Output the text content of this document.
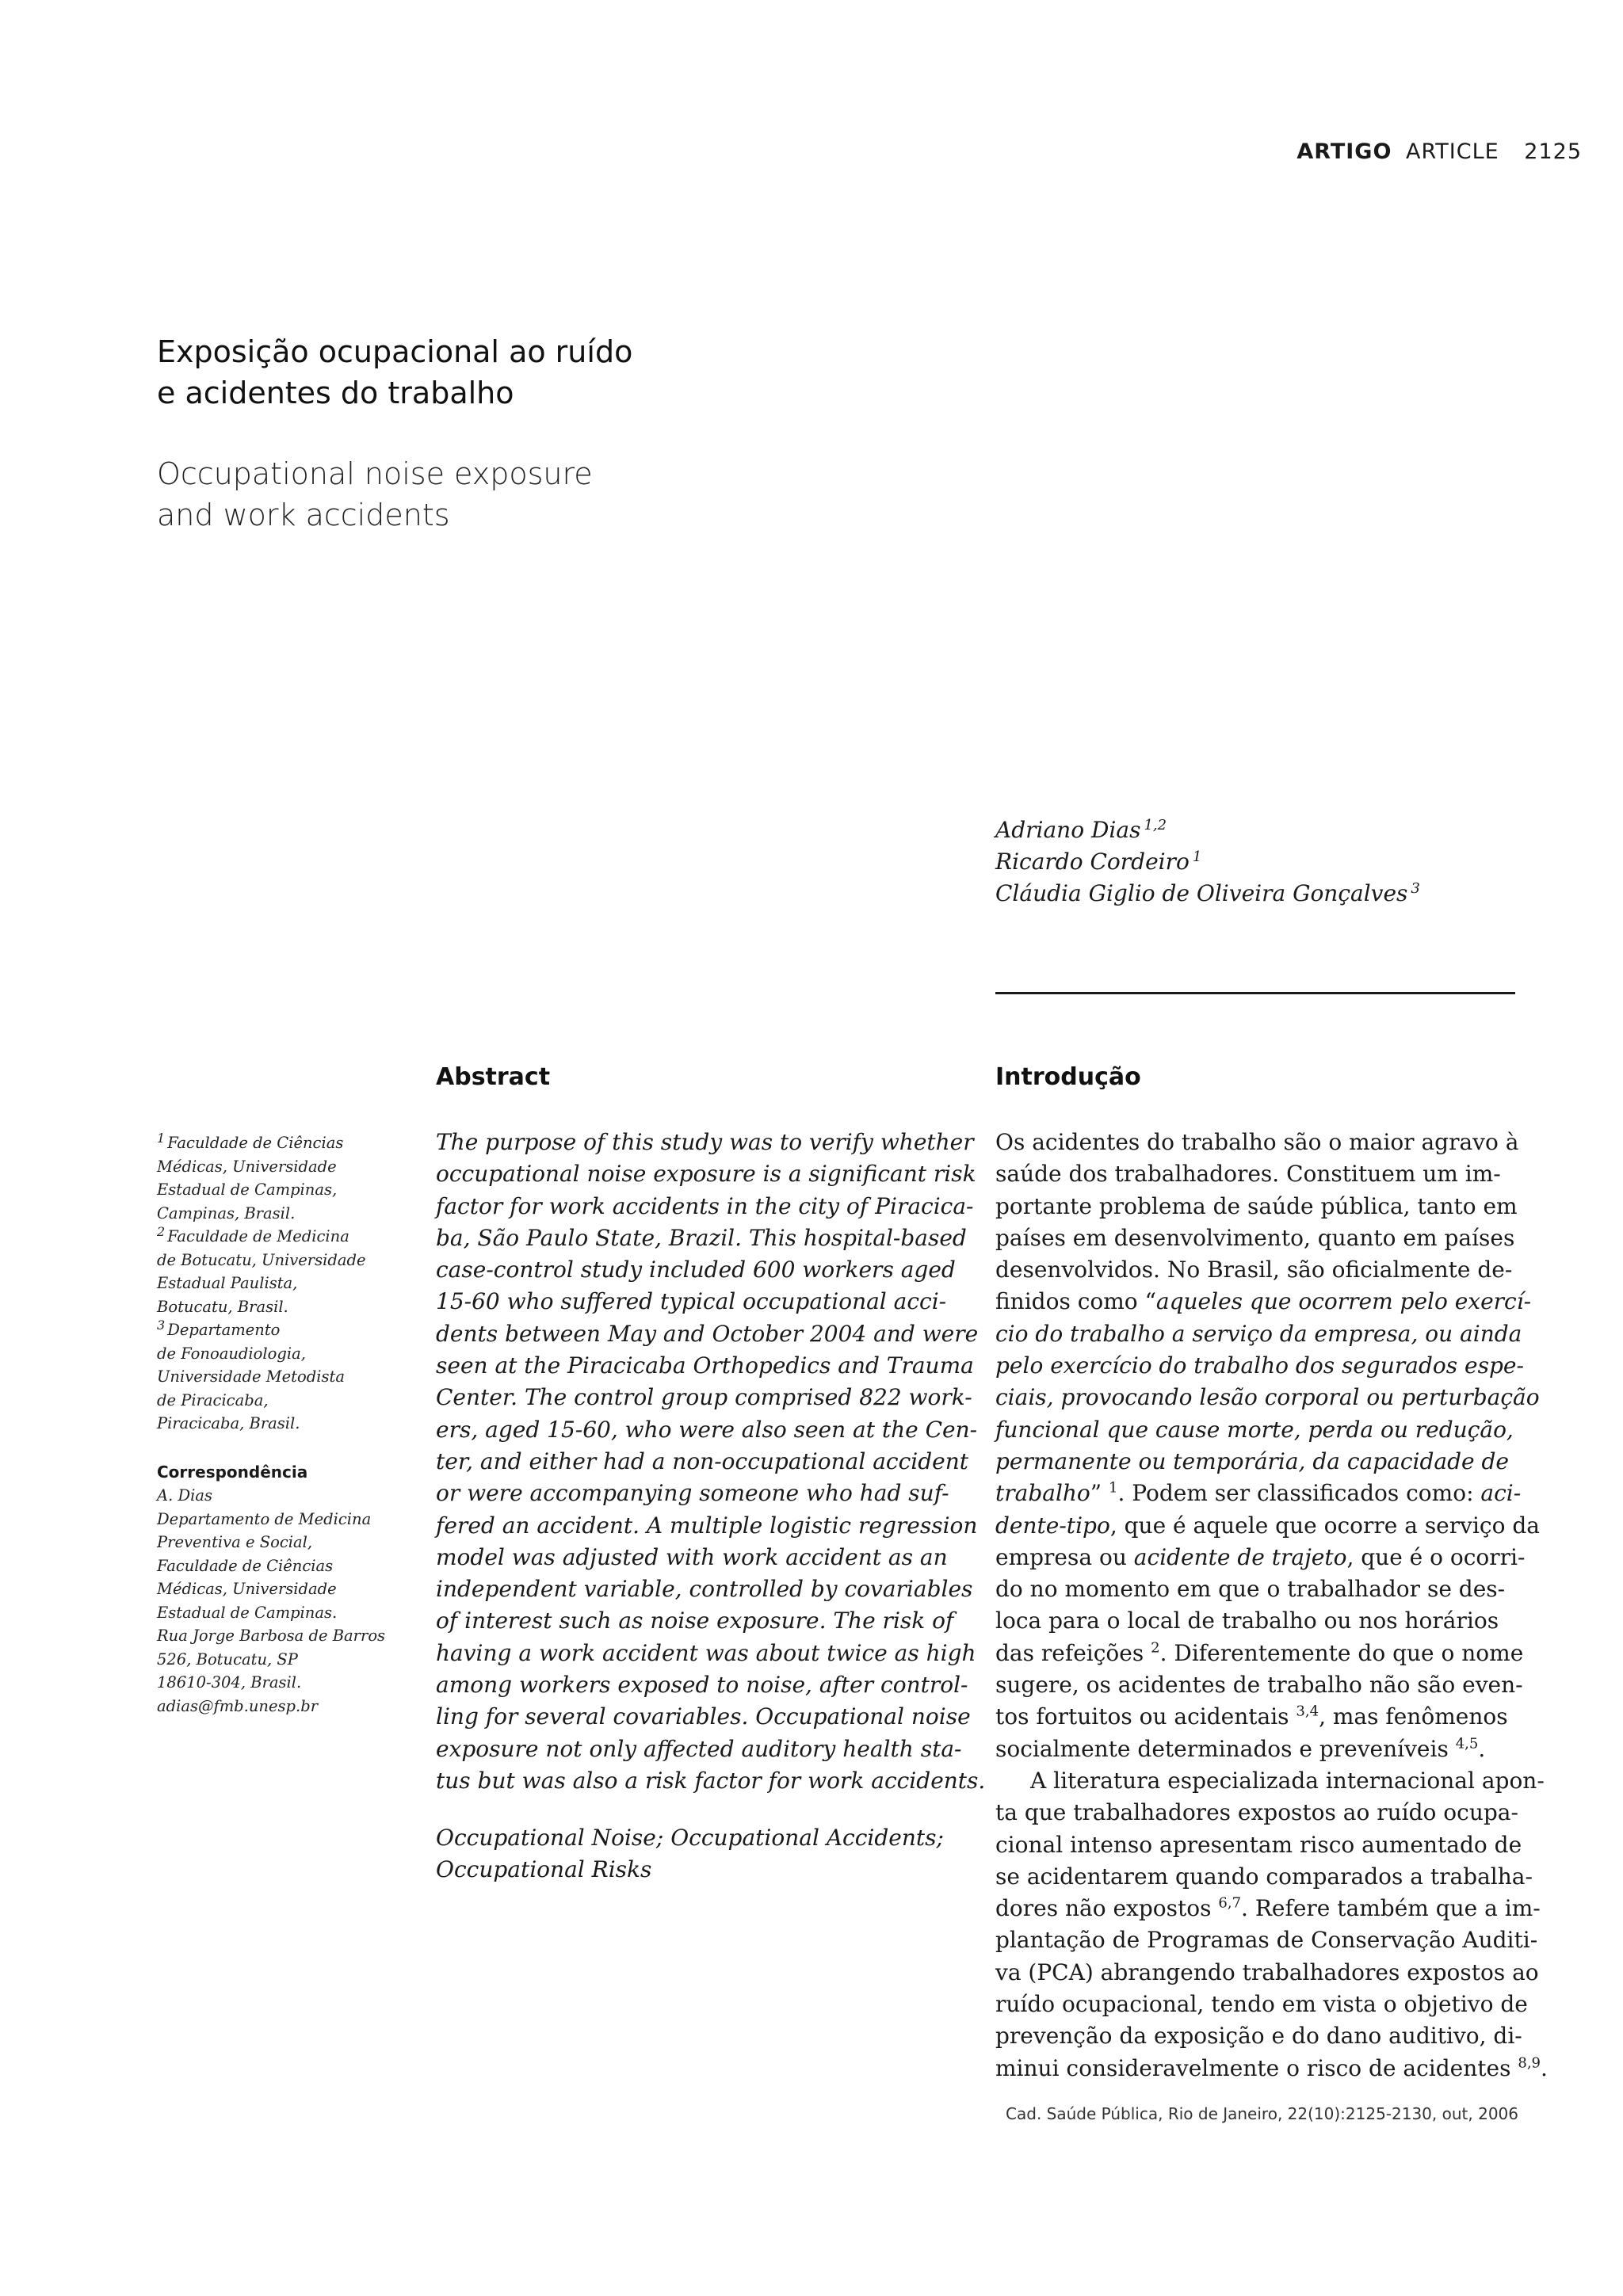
ARTIGO ARTICLE 2125
Exposição ocupacional ao ruído
e acidentes do trabalho
Occupational noise exposure
and work accidents
Adriano Dias $^{1,2}$
Ricardo Cordeiro $^1$
Cláudia Giglio de Oliveira Gonçalves $^3$
$^1$ Faculdade de Ciências
Médicas, Universidade
Estadual de Campinas,
Campinas, Brasil.
$^2$ Faculdade de Medicina
de Botucatu, Universidade
Estadual Paulista,
Botucatu, Brasil.
$^3$ Departamento
de Fonoaudiologia,
Universidade Metodista
de Piracicaba,
Piracicaba, Brasil.
Correspondência
A. Dias
Departamento de Medicina
Preventiva e Social,
Faculdade de Ciências
Médicas, Universidade
Estadual de Campinas.
Rua Jorge Barbosa de Barros
526, Botucatu, SP
18610-304, Brasil.
adias@fmb.unesp.br
Abstract
The purpose of this study was to verify whether
occupational noise exposure is a significant risk
factor for work accidents in the city of Piracica-
ba, São Paulo State, Brazil. This hospital-based
case-control study included 600 workers aged
15-60 who suffered typical occupational acci-
dents between May and October 2004 and were
seen at the Piracicaba Orthopedics and Trauma
Center. The control group comprised 822 work-
ers, aged 15-60, who were also seen at the Cen-
ter, and either had a non-occupational accident
or were accompanying someone who had suf-
fered an accident. A multiple logistic regression
model was adjusted with work accident as an
independent variable, controlled by covariables
of interest such as noise exposure. The risk of
having a work accident was about twice as high
among workers exposed to noise, after control-
ling for several covariables. Occupational noise
exposure not only affected auditory health sta-
tus but was also a risk factor for work accidents.
Occupational Noise; Occupational Accidents;
Occupational Risks
Introdução
Os acidentes do trabalho são o maior agravo à
saúde dos trabalhadores. Constituem um im-
portante problema de saúde pública, tanto em
países em desenvolvimento, quanto em países
desenvolvidos. No Brasil, são oficialmente de-
finidos como “aqueles que ocorrem pelo exercí-
cio do trabalho a serviço da empresa, ou ainda
pelo exercício do trabalho dos segurados espe-
ciais, provocando lesão corporal ou perturbação
funcional que cause morte, perda ou redução,
permanente ou temporária, da capacidade de
trabalho” $^1$. Podem ser classificados como: aci-
dente-tipo, que é aquele que ocorre a serviço da
empresa ou acidente de trajeto, que é o ocorri-
do no momento em que o trabalhador se des-
loca para o local de trabalho ou nos horários
das refeições $^2$. Diferentemente do que o nome
sugere, os acidentes de trabalho não são even-
tos fortuitos ou acidentais $^{3,4}$, mas fenômenos
socialmente determinados e preveníveis $^{4,5}$.
A literatura especializada internacional apon-
ta que trabalhadores expostos ao ruído ocupa-
cional intenso apresentam risco aumentado de
se acidentarem quando comparados a trabalha-
dores não expostos $^{6,7}$. Refere também que a im-
plantação de Programas de Conservação Auditi-
va (PCA) abrangendo trabalhadores expostos ao
ruído ocupacional, tendo em vista o objetivo de
prevenção da exposição e do dano auditivo, di-
minui consideravelmente o risco de acidentes $^{8,9}$.
Cad. Saúde Pública, Rio de Janeiro, 22(10):2125-2130, out, 2006
